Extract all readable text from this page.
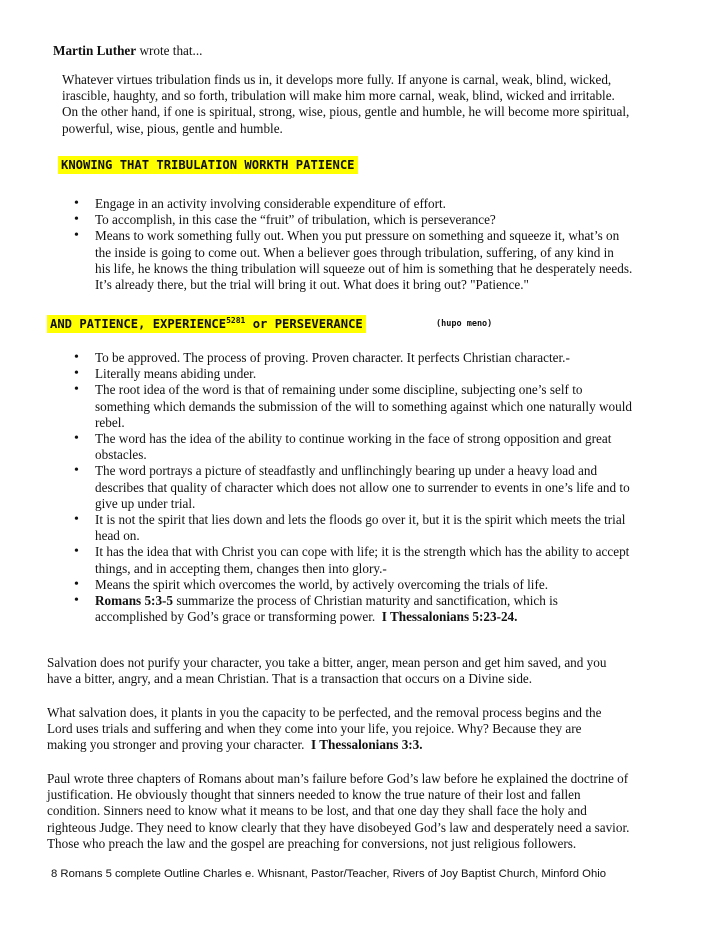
Martin Luther wrote that...
Whatever virtues tribulation finds us in, it develops more fully. If anyone is carnal, weak, blind, wicked,
irascible, haughty, and so forth, tribulation will make him more carnal, weak, blind, wicked and irritable.
On the other hand, if one is spiritual, strong, wise, pious, gentle and humble, he will become more spiritual,
powerful, wise, pious, gentle and humble.
KNOWING THAT TRIBULATION WORKTH PATIENCE
• Engage in an activity involving considerable expenditure of effort.
• To accomplish, in this case the “fruit” of tribulation, which is perseverance?
• Means to work something fully out. When you put pressure on something and squeeze it, what’s on
the inside is going to come out. When a believer goes through tribulation, suffering, of any kind in
his life, he knows the thing tribulation will squeeze out of him is something that he desperately needs.
It’s already there, but the trial will bring it out. What does it bring out? "Patience."
AND PATIENCE, $EXPERIENCE^{5281}$ or PERSEVERANCE	(hupo meno)
• To be approved. The process of proving. Proven character. It perfects Christian character.-
• Literally means abiding under.
• The root idea of the word is that of remaining under some discipline, subjecting one’s self to
something which demands the submission of the will to something against which one naturally would
rebel.
• The word has the idea of the ability to continue working in the face of strong opposition and great
obstacles.
• The word portrays a picture of steadfastly and unflinchingly bearing up under a heavy load and
describes that quality of character which does not allow one to surrender to events in one’s life and to
give up under trial.
• It is not the spirit that lies down and lets the floods go over it, but it is the spirit which meets the trial
head on.
• It has the idea that with Christ you can cope with life; it is the strength which has the ability to accept
things, and in accepting them, changes then into glory.-
• Means the spirit which overcomes the world, by actively overcoming the trials of life.
• Romans 5:3-5 summarize the process of Christian maturity and sanctification, which is
accomplished by God’s grace or transforming power.  I Thessalonians 5:23-24.
Salvation does not purify your character, you take a bitter, anger, mean person and get him saved, and you
have a bitter, angry, and a mean Christian. That is a transaction that occurs on a Divine side.
What salvation does, it plants in you the capacity to be perfected, and the removal process begins and the
Lord uses trials and suffering and when they come into your life, you rejoice. Why? Because they are
making you stronger and proving your character.  I Thessalonians 3:3.
Paul wrote three chapters of Romans about man’s failure before God’s law before he explained the doctrine of
justification. He obviously thought that sinners needed to know the true nature of their lost and fallen
condition. Sinners need to know what it means to be lost, and that one day they shall face the holy and
righteous Judge. They need to know clearly that they have disobeyed God’s law and desperately need a savior.
Those who preach the law and the gospel are preaching for conversions, not just religious followers.
8 Romans 5 complete Outline Charles e. Whisnant, Pastor/Teacher, Rivers of Joy Baptist Church, Minford Ohio
